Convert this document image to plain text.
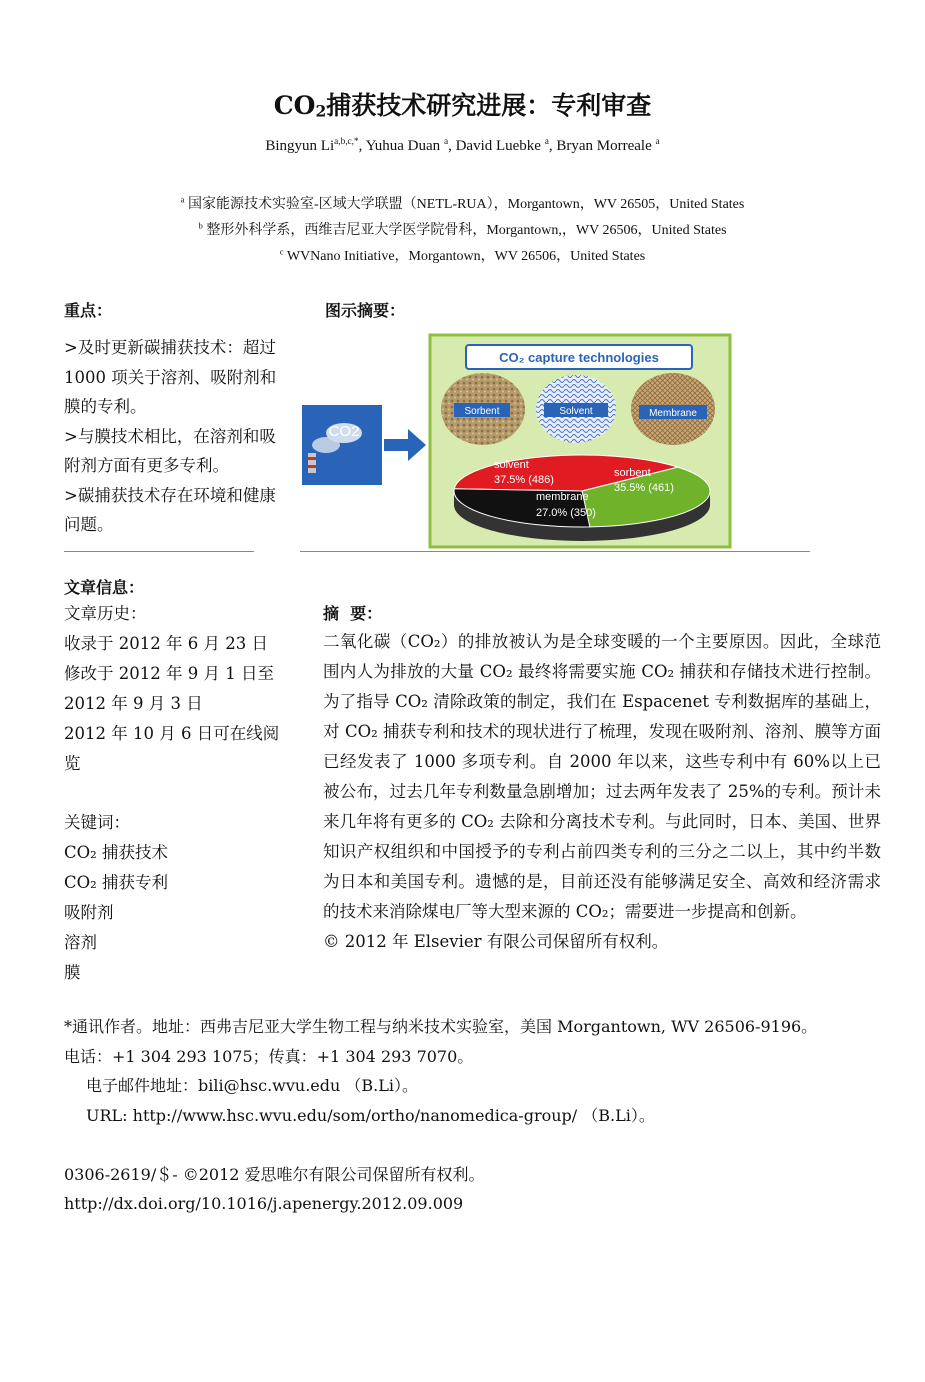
$CO_2$捕获技术研究进展：专利审查
Bingyun $Li^{a,b,c,*}$, Yuhua Duan $^a$, David Luebke $^a$, Bryan Morreale $^a$
$^a$ 国家能源技术实验室-区域大学联盟（NETL-RUA），Morgantown，WV 26505，United States
$^b$ 整形外科学系，西维吉尼亚大学医学院骨科，Morgantown,，WV 26506，United States
$^c$ WVNano Initiative，Morgantown，WV 26506，United States
重点：
>及时更新碳捕获技术：超过 1000 项关于溶剂、吸附剂和膜的专利。
>与膜技术相比，在溶剂和吸附剂方面有更多专利。
>碳捕获技术存在环境和健康问题。
图示摘要：
CO2
CO₂ capture technologies
Sorbent	Solvent	Membrane
solvent
37.5% (486)
sorbent
35.5% (461)
membrane
27.0% (350)
文章信息：
文章历史：
收录于 2012 年 6 月 23 日
修改于 2012 年 9 月 1 日至 2012 年 9 月 3 日
2012 年 10 月 6 日可在线阅览
关键词：
CO₂ 捕获技术
CO₂ 捕获专利
吸附剂
溶剂
膜
摘  要：
二氧化碳（CO₂）的排放被认为是全球变暖的一个主要原因。因此，全球范围内人为排放的大量 CO₂ 最终将需要实施 CO₂ 捕获和存储技术进行控制。为了指导 CO₂ 清除政策的制定，我们在 Espacenet 专利数据库的基础上，对 CO₂ 捕获专利和技术的现状进行了梳理，发现在吸附剂、溶剂、膜等方面已经发表了 1000 多项专利。自 2000 年以来，这些专利中有 60%以上已被公布，过去几年专利数量急剧增加；过去两年发表了 25%的专利。预计未来几年将有更多的 CO₂ 去除和分离技术专利。与此同时，日本、美国、世界知识产权组织和中国授予的专利占前四类专利的三分之二以上，其中约半数为日本和美国专利。遗憾的是，目前还没有能够满足安全、高效和经济需求的技术来消除煤电厂等大型来源的 CO₂；需要进一步提高和创新。
© 2012 年 Elsevier 有限公司保留所有权利。
*通讯作者。地址：西弗吉尼亚大学生物工程与纳米技术实验室，美国 Morgantown, WV 26506-9196。
电话：+1 304 293 1075；传真：+1 304 293 7070。
电子邮件地址：bili@hsc.wvu.edu （B.Li）。
URL: http://www.hsc.wvu.edu/som/ortho/nanomedica-group/ （B.Li）。
0306-2619/＄- ©2012 爱思唯尔有限公司保留所有权利。
http://dx.doi.org/10.1016/j.apenergy.2012.09.009
